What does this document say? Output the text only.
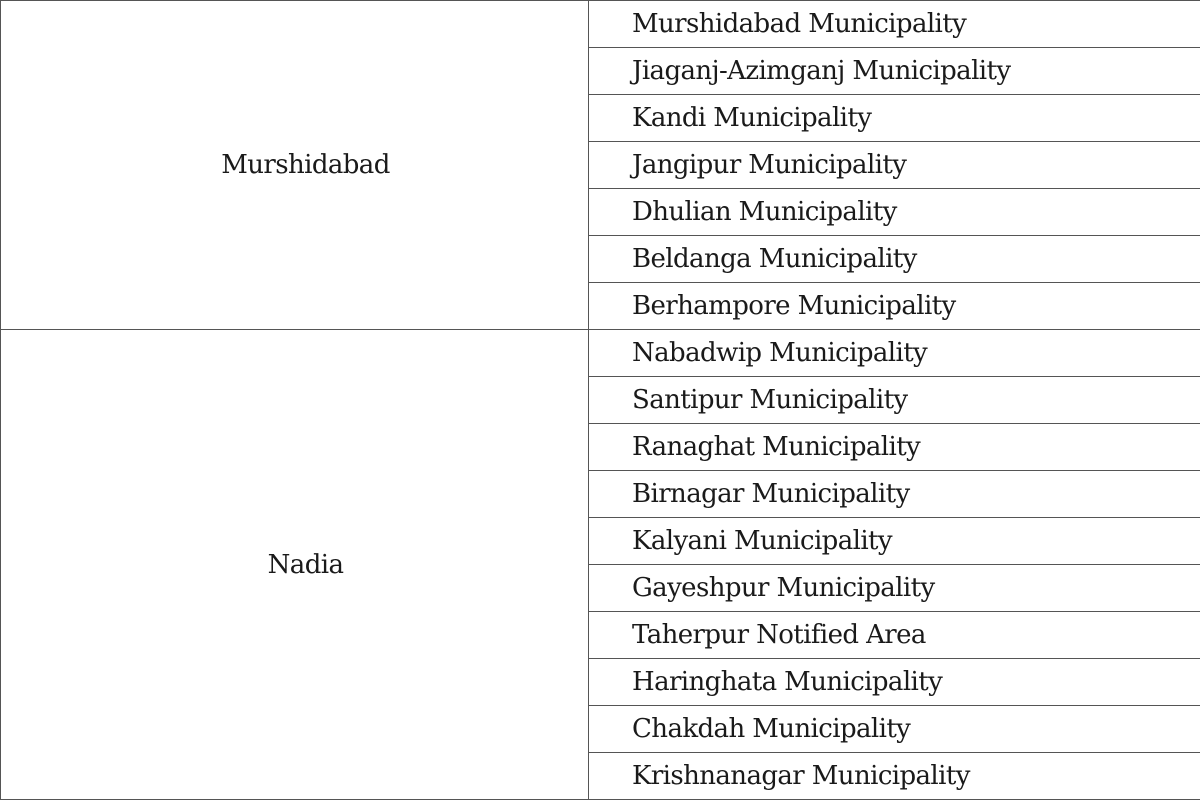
Murshidabad	Murshidabad Municipality
	Jiaganj-Azimganj Municipality
	Kandi Municipality
	Jangipur Municipality
	Dhulian Municipality
	Beldanga Municipality
	Berhampore Municipality
Nadia	Nabadwip Municipality
	Santipur Municipality
	Ranaghat Municipality
	Birnagar Municipality
	Kalyani Municipality
	Gayeshpur Municipality
	Taherpur Notified Area
	Haringhata Municipality
	Chakdah Municipality
	Krishnanagar Municipality
